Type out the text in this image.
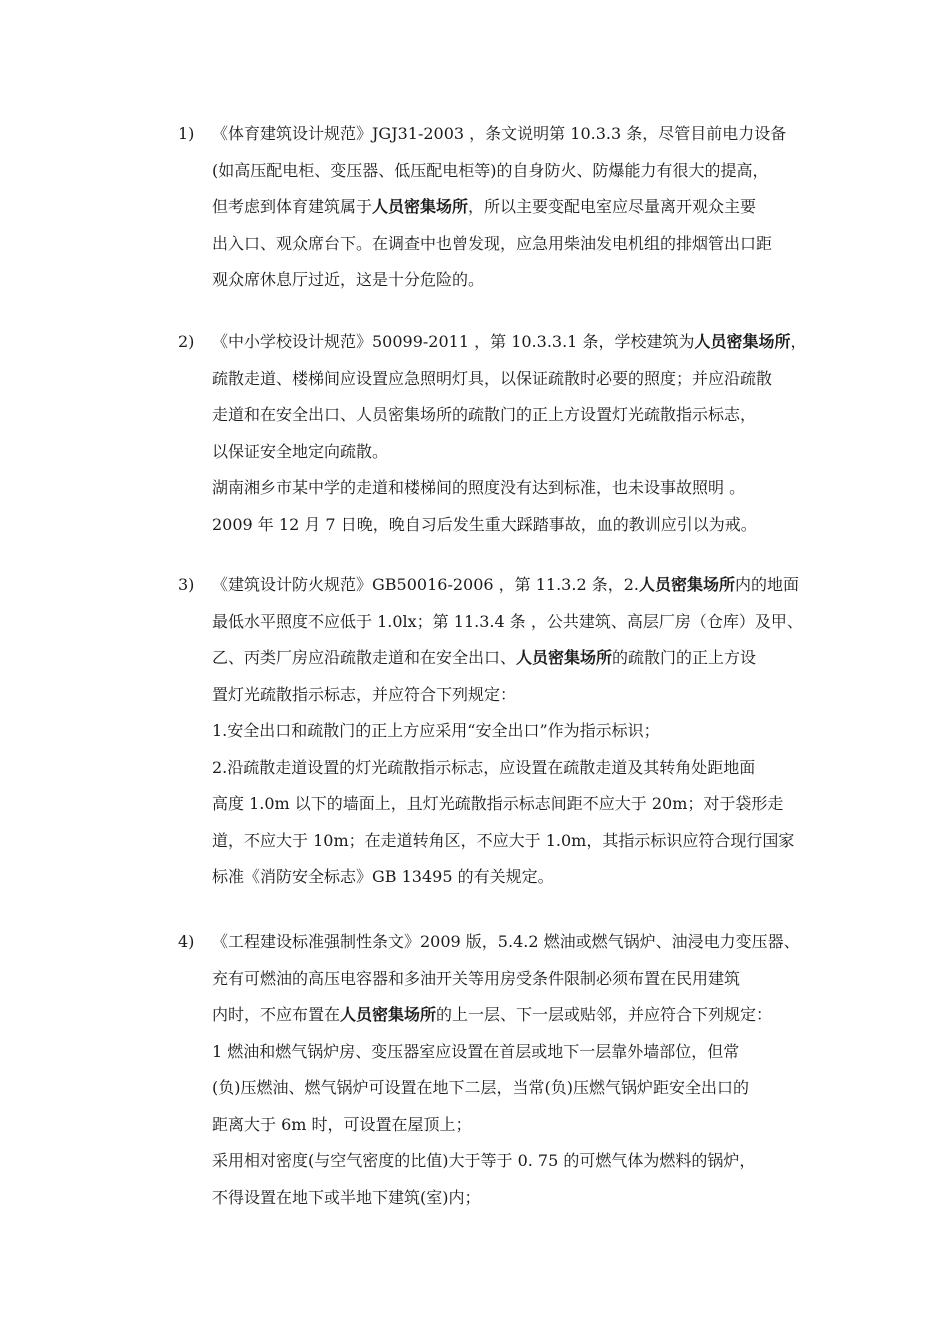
1)	《体育建筑设计规范》JGJ31-2003 ，条文说明第 10.3.3 条，尽管目前电力设备
(如高压配电柜、变压器、低压配电柜等)的自身防火、防爆能力有很大的提高，
但考虑到体育建筑属于人员密集场所，所以主要变配电室应尽量离开观众主要
出入口、观众席台下。在调查中也曾发现，应急用柴油发电机组的排烟管出口距
观众席休息厅过近，这是十分危险的。
2)	《中小学校设计规范》50099-2011 ，第 10.3.3.1 条，学校建筑为人员密集场所，
疏散走道、楼梯间应设置应急照明灯具，以保证疏散时必要的照度；并应沿疏散
走道和在安全出口、人员密集场所的疏散门的正上方设置灯光疏散指示标志，
以保证安全地定向疏散。
湖南湘乡市某中学的走道和楼梯间的照度没有达到标准，也未设事故照明 。
2009 年 12 月 7 日晚，晚自习后发生重大踩踏事故，血的教训应引以为戒。
3)	《建筑设计防火规范》GB50016-2006 ，第 11.3.2 条，2.人员密集场所内的地面
最低水平照度不应低于 1.0lx；第 11.3.4 条 ，公共建筑、高层厂房（仓库）及甲、
乙、丙类厂房应沿疏散走道和在安全出口、人员密集场所的疏散门的正上方设
置灯光疏散指示标志，并应符合下列规定：
1.安全出口和疏散门的正上方应采用“安全出口”作为指示标识；
2.沿疏散走道设置的灯光疏散指示标志，应设置在疏散走道及其转角处距地面
高度 1.0m 以下的墙面上，且灯光疏散指示标志间距不应大于 20m；对于袋形走
道，不应大于 10m；在走道转角区，不应大于 1.0m，其指示标识应符合现行国家
标准《消防安全标志》GB 13495 的有关规定。
4)	《工程建设标准强制性条文》2009 版，5.4.2 燃油或燃气锅炉、油浸电力变压器、
充有可燃油的高压电容器和多油开关等用房受条件限制必须布置在民用建筑
内时，不应布置在人员密集场所的上一层、下一层或贴邻，并应符合下列规定：
1 燃油和燃气锅炉房、变压器室应设置在首层或地下一层靠外墙部位，但常
(负)压燃油、燃气锅炉可设置在地下二层，当常(负)压燃气锅炉距安全出口的
距离大于 6m 时，可设置在屋顶上；
采用相对密度(与空气密度的比值)大于等于 0. 75 的可燃气体为燃料的锅炉，
不得设置在地下或半地下建筑(室)内；
